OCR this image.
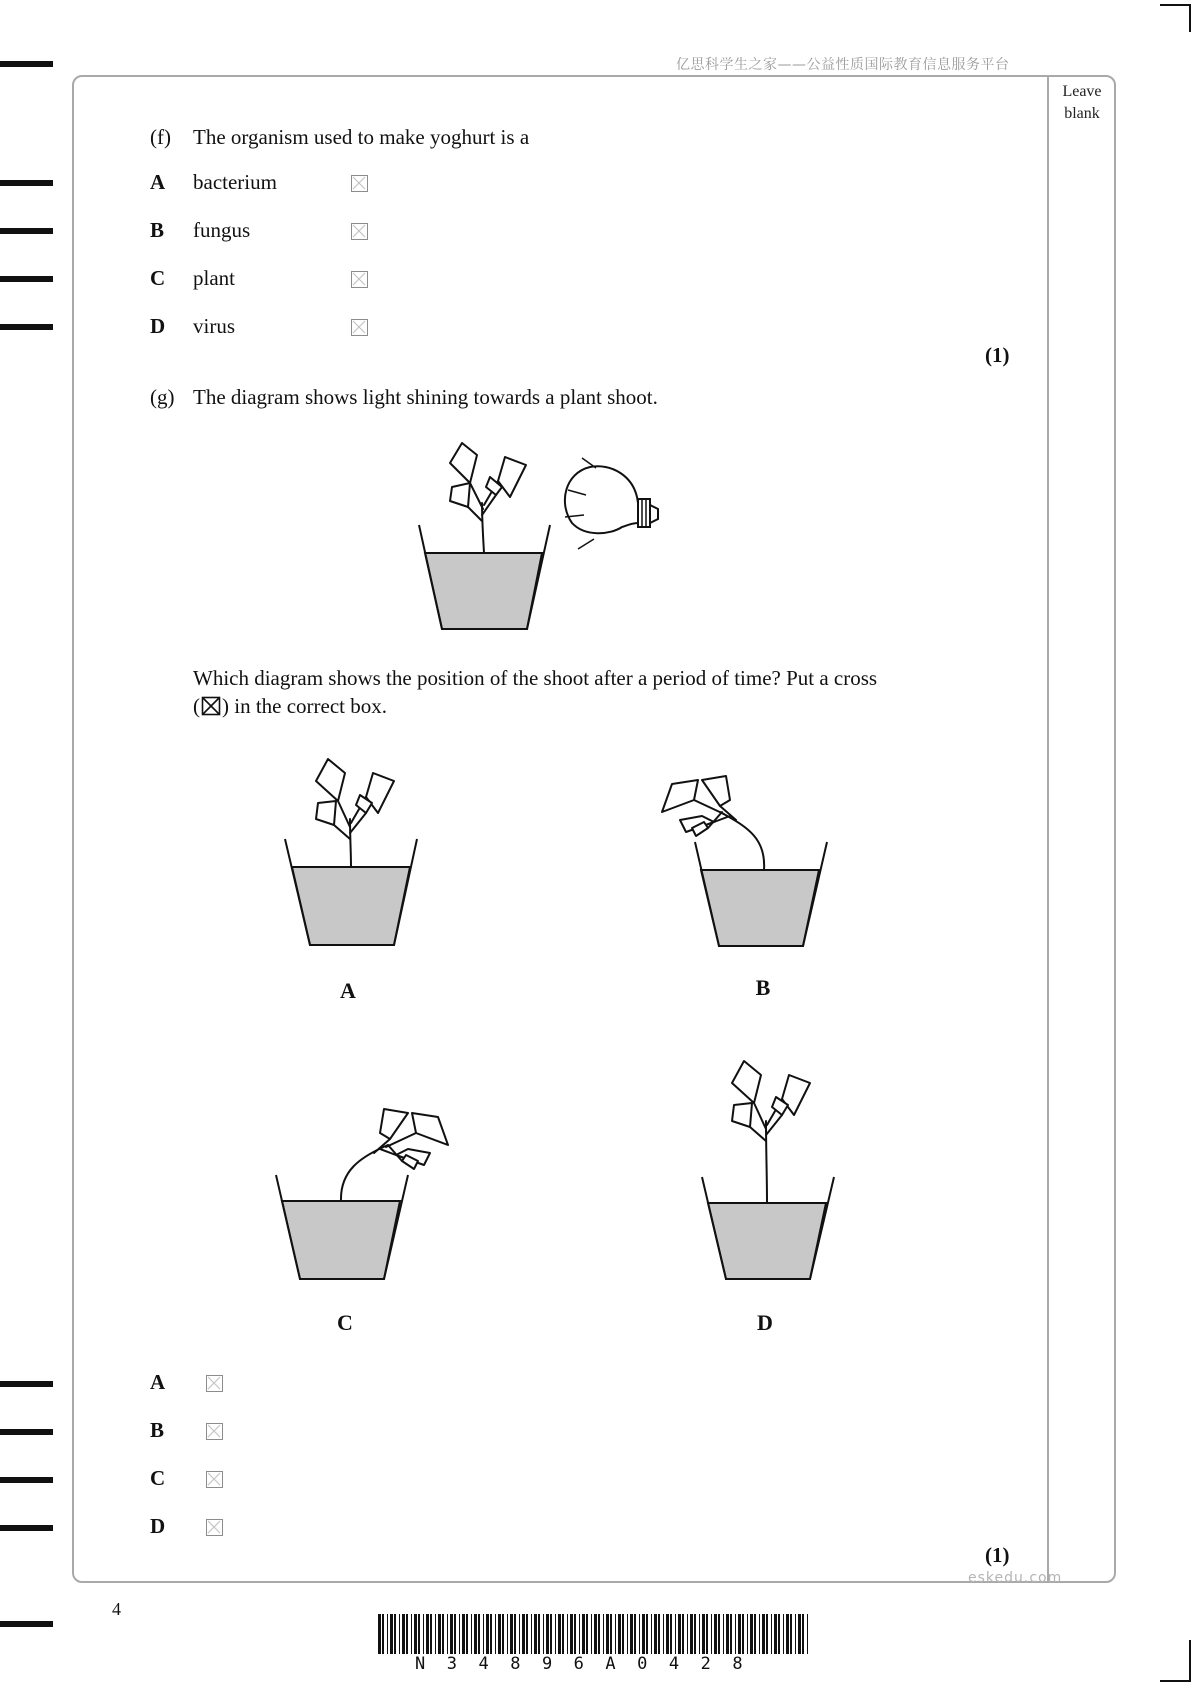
亿思科学生之家——公益性质国际教育信息服务平台
Leave blank
(f) The organism used to make yoghurt is a
A bacterium
B fungus
C plant
D virus
(1)
(g) The diagram shows light shining towards a plant shoot.
Which diagram shows the position of the shoot after a period of time? Put a cross
( ☒ ) in the correct box.
A	B
C	D
A
B
C
D
(1)
eskedu.com
4
N34896A0428
